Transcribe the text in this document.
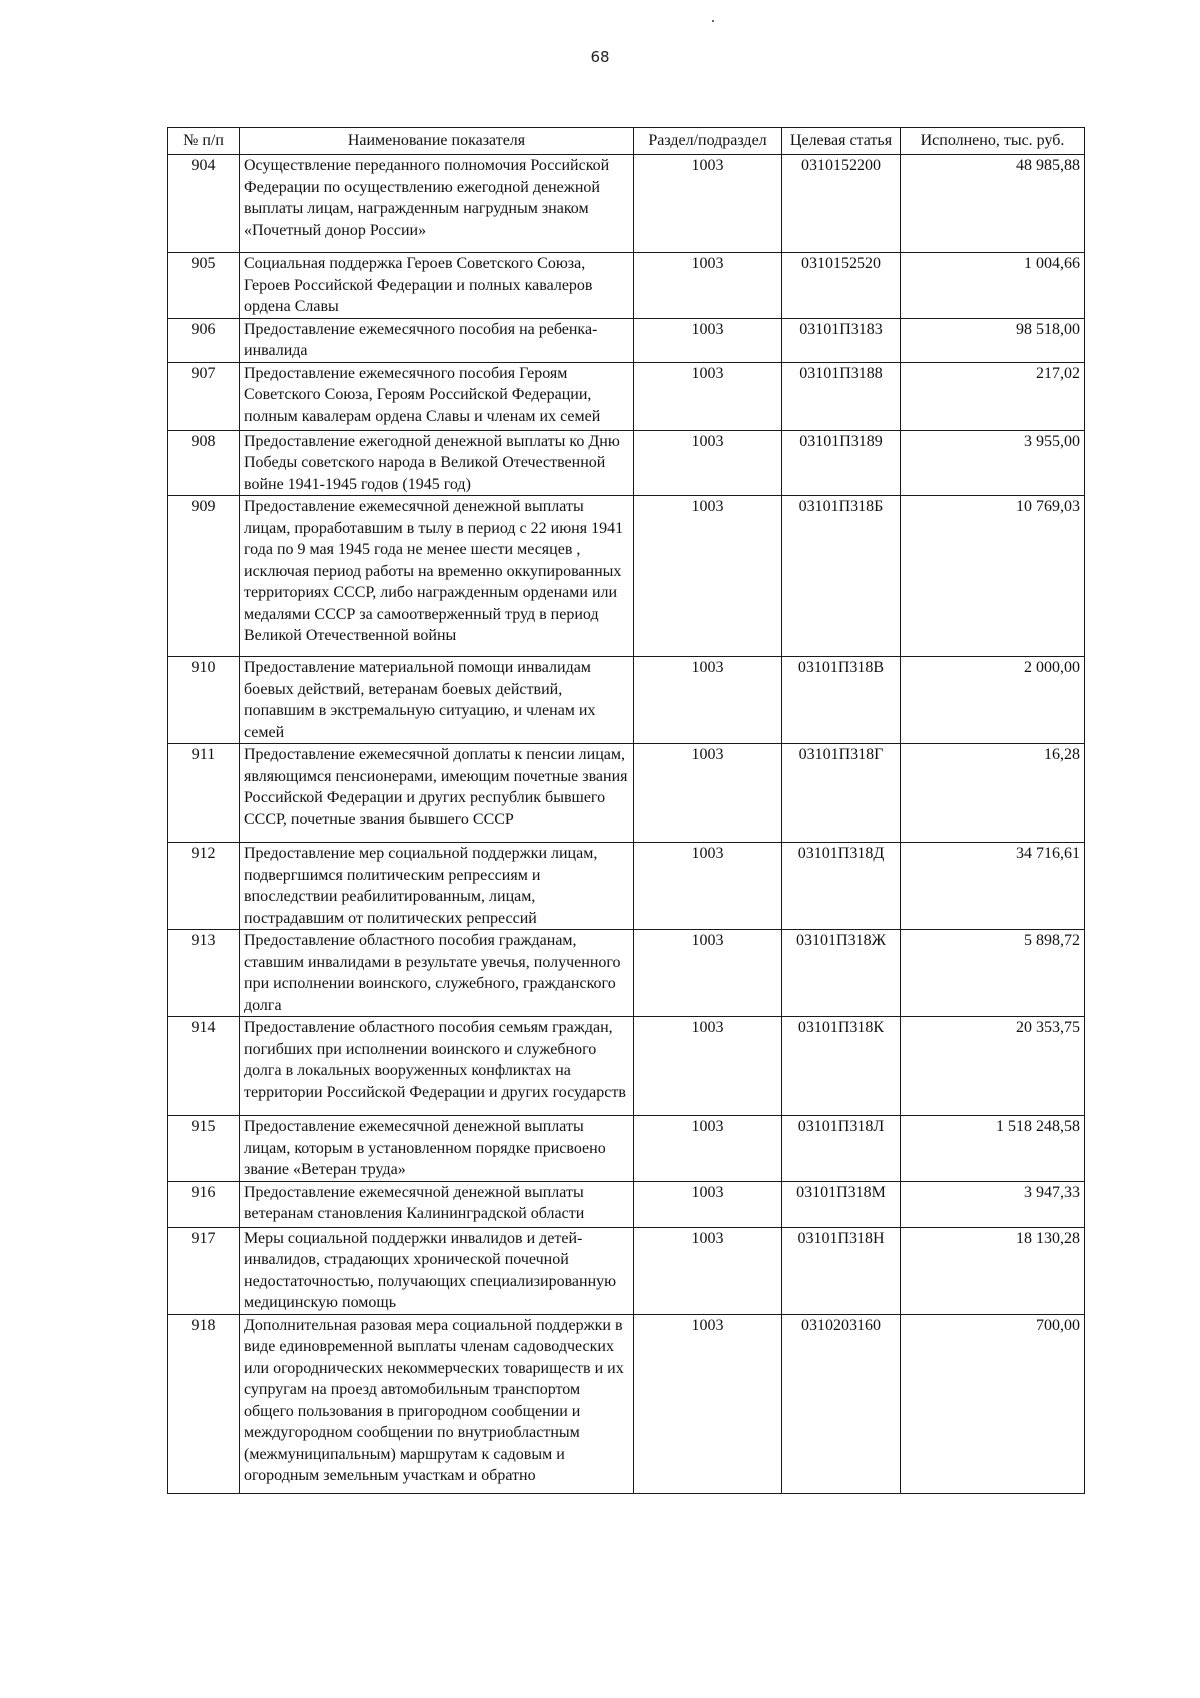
68
№ п/п	Наименование показателя	Раздел/подраздел	Целевая статья	Исполнено, тыс. руб.
904	Осуществление переданного полномочия Российской Федерации по осуществлению ежегодной денежной выплаты лицам, награжденным нагрудным знаком «Почетный донор России»	1003	0310152200	48 985,88
905	Социальная поддержка Героев Советского Союза, Героев Российской Федерации и полных кавалеров ордена Славы	1003	0310152520	1 004,66
906	Предоставление ежемесячного пособия на ребенка-инвалида	1003	03101П3183	98 518,00
907	Предоставление ежемесячного пособия Героям Советского Союза, Героям Российской Федерации, полным кавалерам ордена Славы и членам их семей	1003	03101П3188	217,02
908	Предоставление ежегодной денежной выплаты ко Дню Победы советского народа в Великой Отечественной войне 1941-1945 годов (1945 год)	1003	03101П3189	3 955,00
909	Предоставление ежемесячной денежной выплаты лицам, проработавшим в тылу в период с 22 июня 1941 года по 9 мая 1945 года не менее шести месяцев , исключая период работы на временно оккупированных территориях СССР, либо награжденным орденами или медалями СССР за самоотверженный труд в период Великой Отечественной войны	1003	03101П318Б	10 769,03
910	Предоставление материальной помощи инвалидам боевых действий, ветеранам боевых действий, попавшим в экстремальную ситуацию, и членам их семей	1003	03101П318В	2 000,00
911	Предоставление ежемесячной доплаты к пенсии лицам, являющимся пенсионерами, имеющим почетные звания Российской Федерации и других республик бывшего СССР, почетные звания бывшего СССР	1003	03101П318Г	16,28
912	Предоставление мер социальной поддержки лицам, подвергшимся политическим репрессиям и впоследствии реабилитированным, лицам, пострадавшим от политических репрессий	1003	03101П318Д	34 716,61
913	Предоставление областного пособия гражданам, ставшим инвалидами в результате увечья, полученного при исполнении воинского, служебного, гражданского долга	1003	03101П318Ж	5 898,72
914	Предоставление областного пособия семьям граждан, погибших при исполнении воинского и служебного долга в локальных вооруженных конфликтах на территории Российской Федерации и других государств	1003	03101П318К	20 353,75
915	Предоставление ежемесячной денежной выплаты лицам, которым в установленном порядке присвоено звание «Ветеран труда»	1003	03101П318Л	1 518 248,58
916	Предоставление ежемесячной денежной выплаты ветеранам становления Калининградской области	1003	03101П318М	3 947,33
917	Меры социальной поддержки инвалидов и детей-инвалидов, страдающих хронической почечной недостаточностью, получающих специализированную медицинскую помощь	1003	03101П318Н	18 130,28
918	Дополнительная разовая мера социальной поддержки в виде единовременной выплаты членам садоводческих или огороднических некоммерческих товариществ и их супругам на проезд автомобильным транспортом общего пользования в пригородном сообщении и междугородном сообщении по внутриобластным (межмуниципальным) маршрутам к садовым и огородным земельным участкам и обратно	1003	0310203160	700,00
